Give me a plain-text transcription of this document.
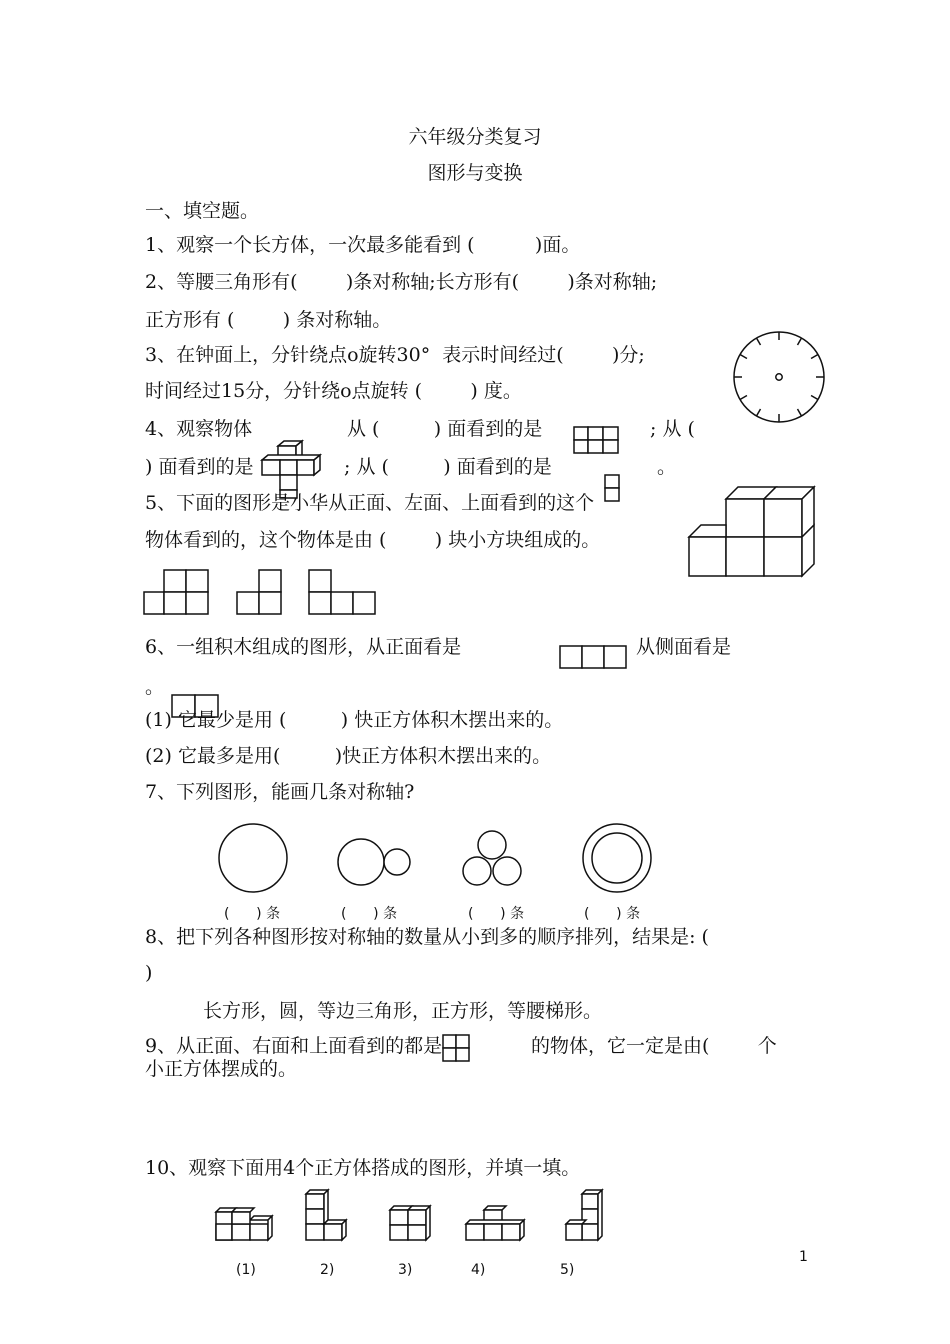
六年级分类复习
图形与变换
一、填空题。
1、观察一个长方体，一次最多能看到 (          )面。
2、等腰三角形有(        )条对称轴;长方形有(        )条对称轴;
正方形有 (        ) 条对称轴。
3、在钟面上，分针绕点o旋转30°  表示时间经过(        )分;
时间经过15分，分针绕o点旋转 (        ) 度。
4、观察物体	从 (         ) 面看到的是	; 从 (
) 面看到的是	; 从 (         ) 面看到的是	。
5、下面的图形是小华从正面、左面、上面看到的这个
物体看到的，这个物体是由 (        ) 块小方块组成的。
6、一组积木组成的图形，从正面看是	从侧面看是
。
(1) 它最少是用 (         ) 快正方体积木摆出来的。
(2) 它最多是用(         )快正方体积木摆出来的。
7、下列图形，能画几条对称轴?
(      ) 条	(      ) 条	(      ) 条	(      ) 条
8、把下列各种图形按对称轴的数量从小到多的顺序排列，结果是: (
)
长方形，圆，等边三角形，正方形，等腰梯形。
9、从正面、右面和上面看到的都是	的物体，它一定是由(        个
小正方体摆成的。
10、观察下面用4个正方体搭成的图形，并填一填。
(1)	2)	3)	4)	5)
1
